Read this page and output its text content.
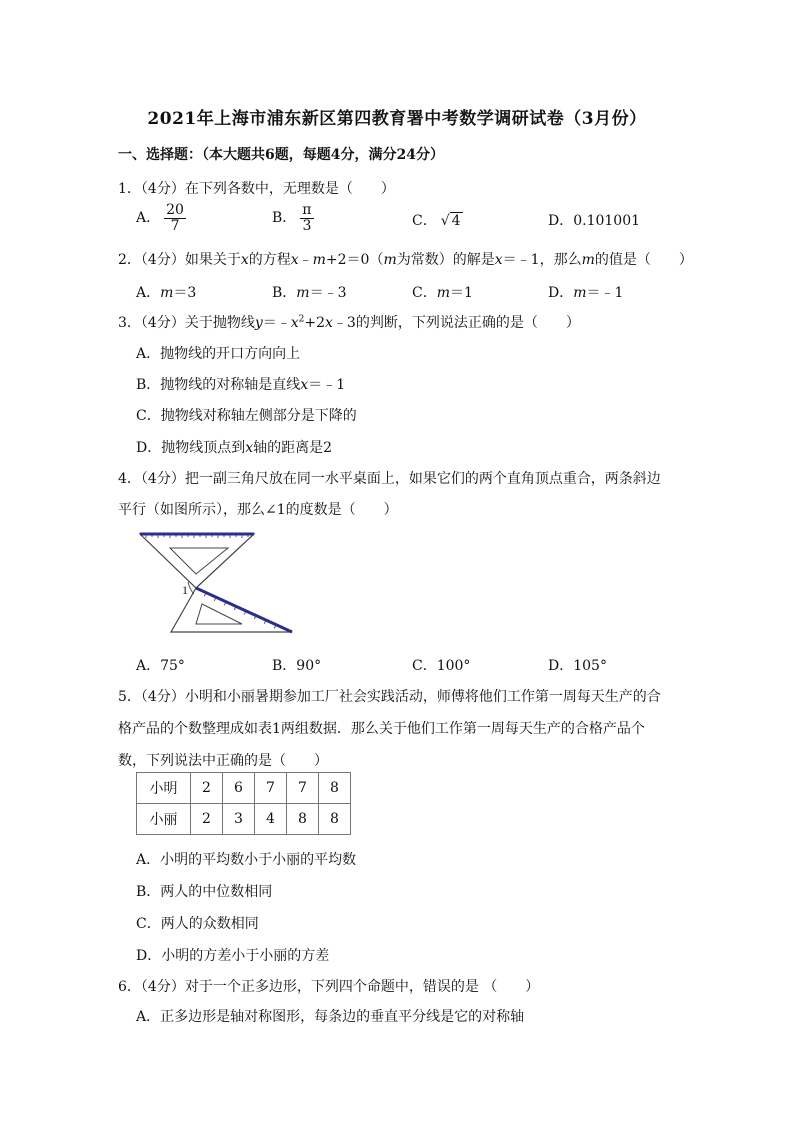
2021年上海市浦东新区第四教育署中考数学调研试卷（3月份）
一、选择题：（本大题共6题，每题4分，满分24分）
1．（4分）在下列各数中，无理数是（　　）
A． $\frac{20}{7}$	B． $\frac{\pi}{3}$	C． √ 4	D．0.101001
2．（4分）如果关于x的方程x﹣m+2＝0（m为常数）的解是x＝﹣1，那么m的值是（　　）
A．m＝3	B．m＝﹣3	C．m＝1	D．m＝﹣1
3．（4分）关于抛物线$y=﹣x^2+2x﹣3$的判断，下列说法正确的是（　　）
A．抛物线的开口方向向上
B．抛物线的对称轴是直线x＝﹣1
C．抛物线对称轴左侧部分是下降的
D．抛物线顶点到x轴的距离是2
4．（4分）把一副三角尺放在同一水平桌面上，如果它们的两个直角顶点重合，两条斜边
平行（如图所示），那么∠1的度数是（　　）
1
A．75°	B．90°	C．100°	D．105°
5．（4分）小明和小丽暑期参加工厂社会实践活动，师傅将他们工作第一周每天生产的合
格产品的个数整理成如表1两组数据．那么关于他们工作第一周每天生产的合格产品个
数，下列说法中正确的是（　　）
小明	2	6	7	7	8
小丽	2	3	4	8	8
A．小明的平均数小于小丽的平均数
B．两人的中位数相同
C．两人的众数相同
D．小明的方差小于小丽的方差
6．（4分）对于一个正多边形，下列四个命题中，错误的是 （　　）
A．正多边形是轴对称图形，每条边的垂直平分线是它的对称轴
